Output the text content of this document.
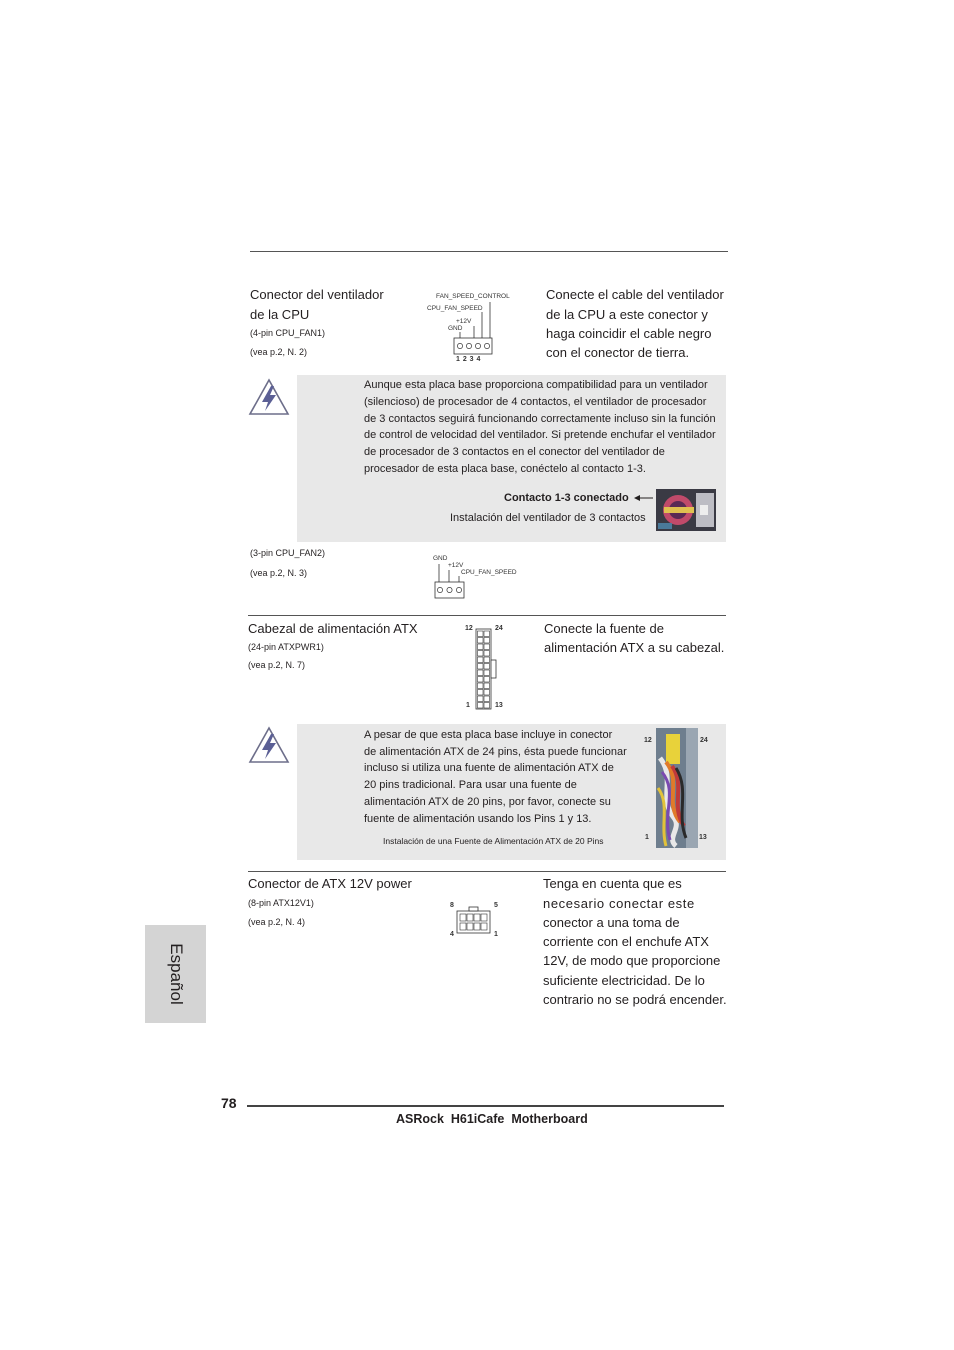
Conector del ventilador
de la CPU
(4-pin CPU_FAN1)
(vea p.2, N. 2)
FAN_SPEED_CONTROL
CPU_FAN_SPEED
+12V
GND
1 2 3 4
Conecte el cable del ventilador
de la CPU a este conector y
haga coincidir el cable negro
con el conector de tierra.
Aunque esta placa base proporciona compatibilidad para un ventilador
(silencioso) de procesador de 4 contactos, el ventilador de procesador
de 3 contactos seguirá funcionando correctamente incluso sin la función
de control de velocidad del ventilador. Si pretende enchufar el ventilador
de procesador de 3 contactos en el conector del ventilador de
procesador de esta placa base, conéctelo al contacto 1-3.
Contacto 1-3 conectado
Instalación del ventilador de 3 contactos
(3-pin CPU_FAN2)
(vea p.2, N. 3)
GND
+12V
CPU_FAN_SPEED
Cabezal de alimentación ATX
(24-pin ATXPWR1)
(vea p.2, N. 7)
12	24
1	13
Conecte la fuente de
alimentación ATX a su cabezal.
A pesar de que esta placa base incluye in conector
de alimentación ATX de 24 pins, ésta puede funcionar
incluso si utiliza una fuente de alimentación ATX de
20 pins tradicional. Para usar una fuente de
alimentación ATX de 20 pins, por favor, conecte su
fuente de alimentación usando los Pins 1 y 13.
Instalación de una Fuente de Alimentación ATX de 20 Pins
12	24
1	13
Conector de ATX 12V power
(8-pin ATX12V1)
(vea p.2, N. 4)
8	5
4	1
Tenga en cuenta que es
necesario conectar este
conector a una toma de
corriente con el enchufe ATX
12V, de modo que proporcione
suficiente electricidad. De lo
contrario no se podrá encender.
Español
78
ASRock  H61iCafe  Motherboard
